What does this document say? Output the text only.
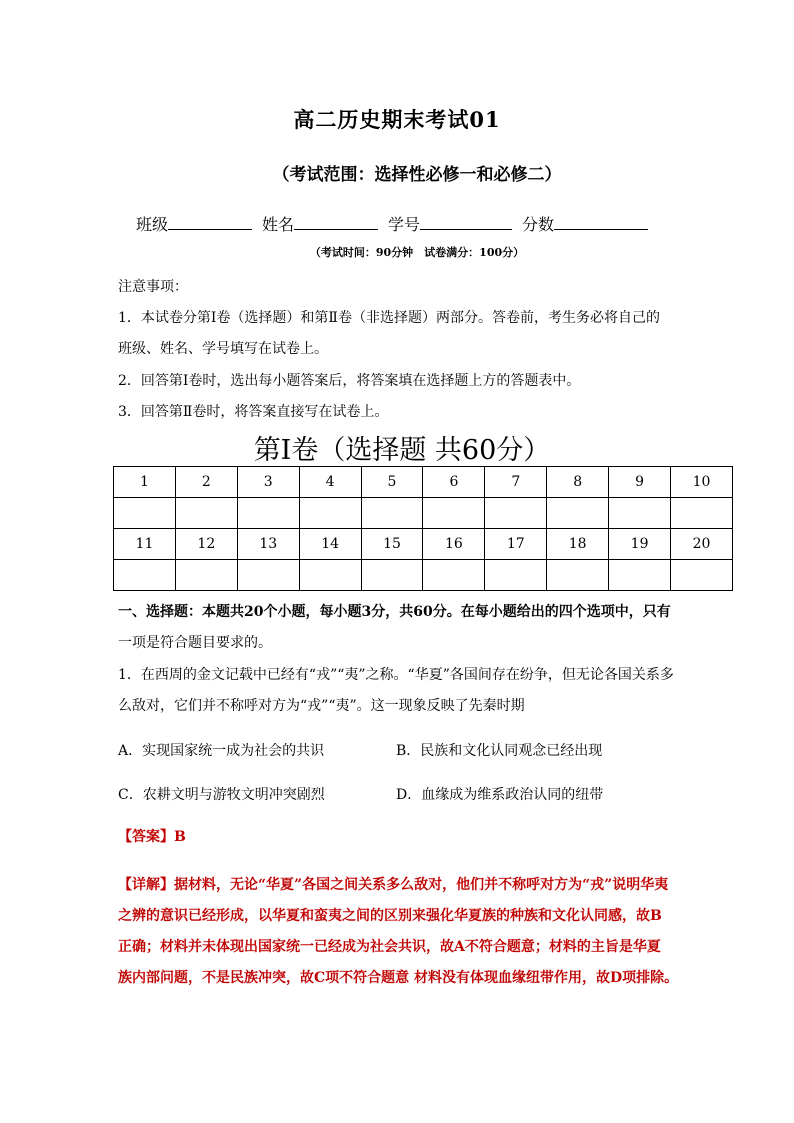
高二历史期末考试01
（考试范围：选择性必修一和必修二）
班级	姓名	学号	分数
（考试时间：90分钟　试卷满分：100分）
注意事项：
1．本试卷分第Ⅰ卷（选择题）和第Ⅱ卷（非选择题）两部分。答卷前，考生务必将自己的
班级、姓名、学号填写在试卷上。
2．回答第Ⅰ卷时，选出每小题答案后，将答案填在选择题上方的答题表中。
3．回答第Ⅱ卷时，将答案直接写在试卷上。
第Ⅰ卷（选择题 共60分）
1	2	3	4	5	6	7	8	9	10

11	12	13	14	15	16	17	18	19	20

一、选择题：本题共20个小题，每小题3分，共60分。在每小题给出的四个选项中，只有
一项是符合题目要求的。
1．在西周的金文记载中已经有“戎”“夷”之称。“华夏”各国间存在纷争，但无论各国关系多
么敌对，它们并不称呼对方为“戎”“夷”。这一现象反映了先秦时期
A．实现国家统一成为社会的共识	B．民族和文化认同观念已经出现
C．农耕文明与游牧文明冲突剧烈	D．血缘成为维系政治认同的纽带
【答案】B
【详解】据材料，无论“华夏”各国之间关系多么敌对，他们并不称呼对方为“戎”说明华夷
之辨的意识已经形成，以华夏和蛮夷之间的区别来强化华夏族的种族和文化认同感，故B
正确；材料并未体现出国家统一已经成为社会共识，故A不符合题意；材料的主旨是华夏
族内部问题，不是民族冲突，故C项不符合题意 材料没有体现血缘纽带作用，故D项排除。
